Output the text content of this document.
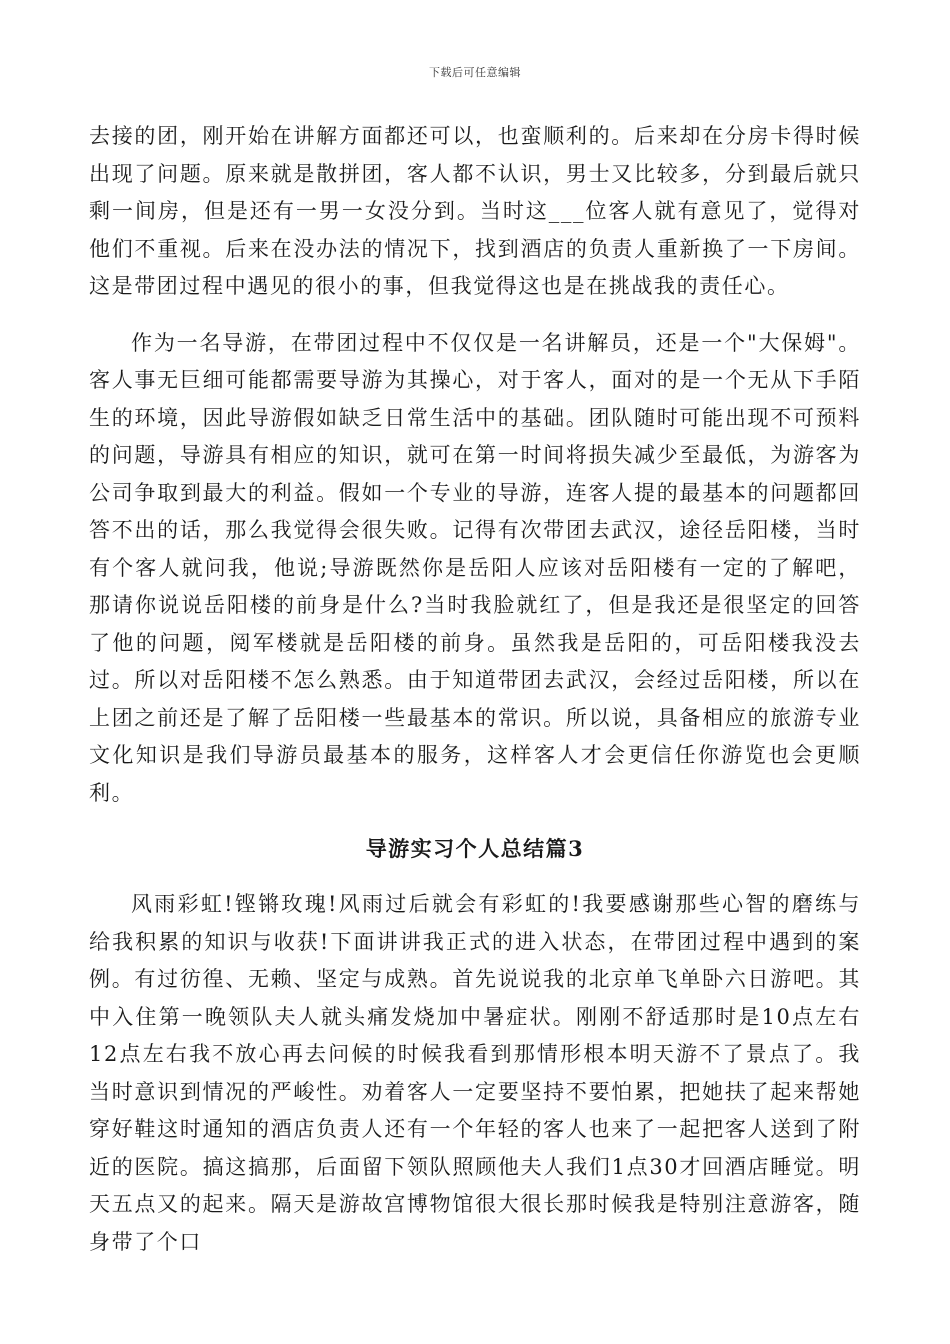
下载后可任意编辑

去接的团，刚开始在讲解方面都还可以，也蛮顺利的。后来却在分房卡得时候出现了问题。原来就是散拼团，客人都不认识，男士又比较多，分到最后就只剩一间房，但是还有一男一女没分到。当时这___位客人就有意见了，觉得对他们不重视。后来在没办法的情况下，找到酒店的负责人重新换了一下房间。这是带团过程中遇见的很小的事，但我觉得这也是在挑战我的责任心。

作为一名导游，在带团过程中不仅仅是一名讲解员，还是一个"大保姆"。客人事无巨细可能都需要导游为其操心，对于客人，面对的是一个无从下手陌生的环境，因此导游假如缺乏日常生活中的基础。团队随时可能出现不可预料的问题，导游具有相应的知识，就可在第一时间将损失减少至最低，为游客为公司争取到最大的利益。假如一个专业的导游，连客人提的最基本的问题都回答不出的话，那么我觉得会很失败。记得有次带团去武汉，途径岳阳楼，当时有个客人就问我，他说;导游既然你是岳阳人应该对岳阳楼有一定的了解吧，那请你说说岳阳楼的前身是什么?当时我脸就红了，但是我还是很坚定的回答了他的问题，阅军楼就是岳阳楼的前身。虽然我是岳阳的，可岳阳楼我没去过。所以对岳阳楼不怎么熟悉。由于知道带团去武汉，会经过岳阳楼，所以在上团之前还是了解了岳阳楼一些最基本的常识。所以说，具备相应的旅游专业文化知识是我们导游员最基本的服务，这样客人才会更信任你游览也会更顺利。

导游实习个人总结篇3

风雨彩虹!铿锵玫瑰!风雨过后就会有彩虹的!我要感谢那些心智的磨练与给我积累的知识与收获!下面讲讲我正式的进入状态，在带团过程中遇到的案例。有过彷徨、无赖、坚定与成熟。首先说说我的北京单飞单卧六日游吧。其中入住第一晚领队夫人就头痛发烧加中暑症状。刚刚不舒适那时是10点左右12点左右我不放心再去问候的时候我看到那情形根本明天游不了景点了。我当时意识到情况的严峻性。劝着客人一定要坚持不要怕累，把她扶了起来帮她穿好鞋这时通知的酒店负责人还有一个年轻的客人也来了一起把客人送到了附近的医院。搞这搞那，后面留下领队照顾他夫人我们1点30才回酒店睡觉。明天五点又的起来。隔天是游故宫博物馆很大很长那时候我是特别注意游客，随身带了个口
